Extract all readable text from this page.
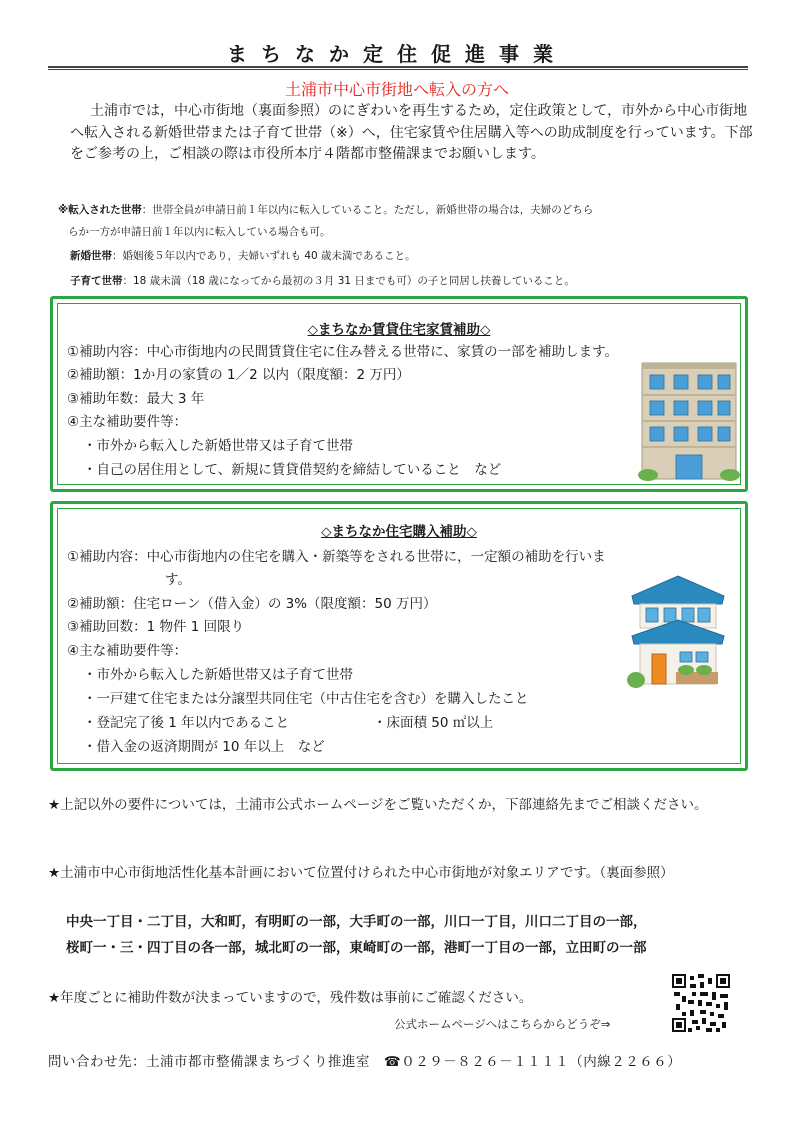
まちなか定住促進事業
土浦市中心市街地へ転入の方へ
土浦市では，中心市街地（裏面参照）のにぎわいを再生するため，定住政策として，市外から中心市街地へ転入される新婚世帯または子育て世帯（※）へ，住宅家賃や住居購入等への助成制度を行っています。下部をご参考の上，ご相談の際は市役所本庁４階都市整備課までお願いします。
※転入された世帯：世帯全員が申請日前１年以内に転入していること。ただし，新婚世帯の場合は，夫婦のどちら
らか一方が申請日前１年以内に転入している場合も可。
新婚世帯：婚姻後５年以内であり，夫婦いずれも 40 歳未満であること。
子育て世帯：18 歳未満（18 歳になってから最初の３月 31 日までも可）の子と同居し扶養していること。
◇まちなか賃貸住宅家賃補助◇
①補助内容：中心市街地内の民間賃貸住宅に住み替える世帯に、家賃の一部を補助します。
②補助額：1か月の家賃の 1／2 以内（限度額：2 万円）
③補助年数：最大 3 年
④主な補助要件等：
・市外から転入した新婚世帯又は子育て世帯
・自己の居住用として、新規に賃貸借契約を締結していること　など
◇まちなか住宅購入補助◇
①補助内容：中心市街地内の住宅を購入・新築等をされる世帯に，一定額の補助を行いま
す。
②補助額：住宅ローン（借入金）の 3%（限度額：50 万円）
③補助回数：1 物件 1 回限り
④主な補助要件等：
・市外から転入した新婚世帯又は子育て世帯
・一戸建て住宅または分譲型共同住宅（中古住宅を含む）を購入したこと
・登記完了後 1 年以内であること	・床面積 50 ㎡以上
・借入金の返済期間が 10 年以上　など
★上記以外の要件については，土浦市公式ホームページをご覧いただくか，下部連絡先までご相談ください。
★土浦市中心市街地活性化基本計画において位置付けられた中心市街地が対象エリアです。（裏面参照）
中央一丁目・二丁目，大和町，有明町の一部，大手町の一部，川口一丁目，川口二丁目の一部，
桜町一・三・四丁目の各一部，城北町の一部，東崎町の一部，港町一丁目の一部，立田町の一部
★年度ごとに補助件数が決まっていますので，残件数は事前にご確認ください。
公式ホームページへはこちらからどうぞ⇒
問い合わせ先：土浦市都市整備課まちづくり推進室　☎０２９－８２６－１１１１（内線２２６６）
